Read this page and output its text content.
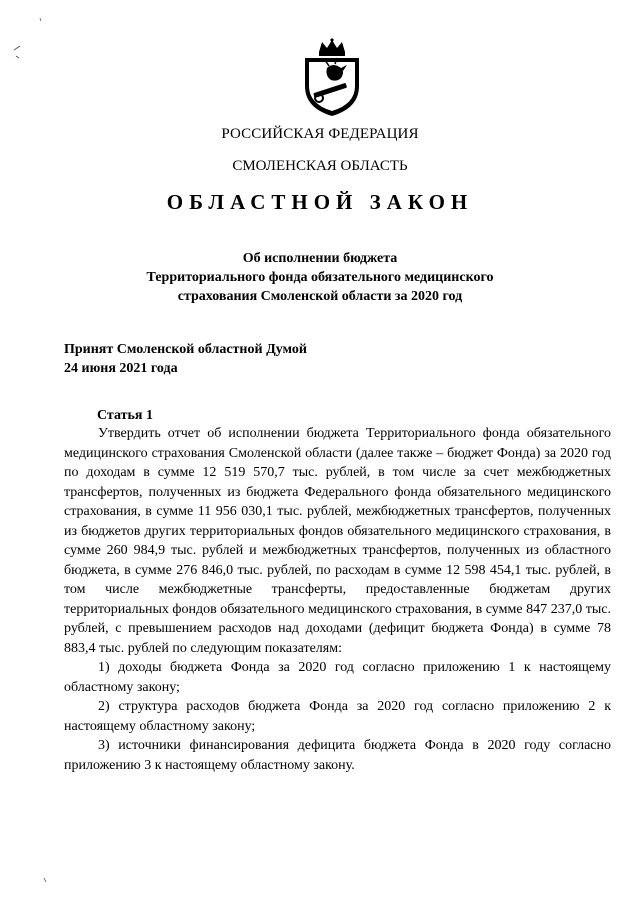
РОССИЙСКАЯ ФЕДЕРАЦИЯ
СМОЛЕНСКАЯ ОБЛАСТЬ
ОБЛАСТНОЙ ЗАКОН
Об исполнении бюджета
Территориального фонда обязательного медицинского
страхования Смоленской области за 2020 год
Принят Смоленской областной Думой
24 июня 2021 года
Статья 1

Утвердить отчет об исполнении бюджета Территориального фонда обязательного медицинского страхования Смоленской области (далее также – бюджет Фонда) за 2020 год по доходам в сумме 12 519 570,7 тыс. рублей, в том числе за счет межбюджетных трансфертов, полученных из бюджета Федерального фонда обязательного медицинского страхования, в сумме 11 956 030,1 тыс. рублей, межбюджетных трансфертов, полученных из бюджетов других территориальных фондов обязательного медицинского страхования, в сумме 260 984,9 тыс. рублей и межбюджетных трансфертов, полученных из областного бюджета, в сумме 276 846,0 тыс. рублей, по расходам в сумме 12 598 454,1 тыс. рублей, в том числе межбюджетные трансферты, предоставленные бюджетам других территориальных фондов обязательного медицинского страхования, в сумме 847 237,0 тыс. рублей, с превышением расходов над доходами (дефицит бюджета Фонда) в сумме 78 883,4 тыс. рублей по следующим показателям:

1) доходы бюджета Фонда за 2020 год согласно приложению 1 к настоящему областному закону;

2) структура расходов бюджета Фонда за 2020 год согласно приложению 2 к настоящему областному закону;

3) источники финансирования дефицита бюджета Фонда в 2020 году согласно приложению 3 к настоящему областному закону.
